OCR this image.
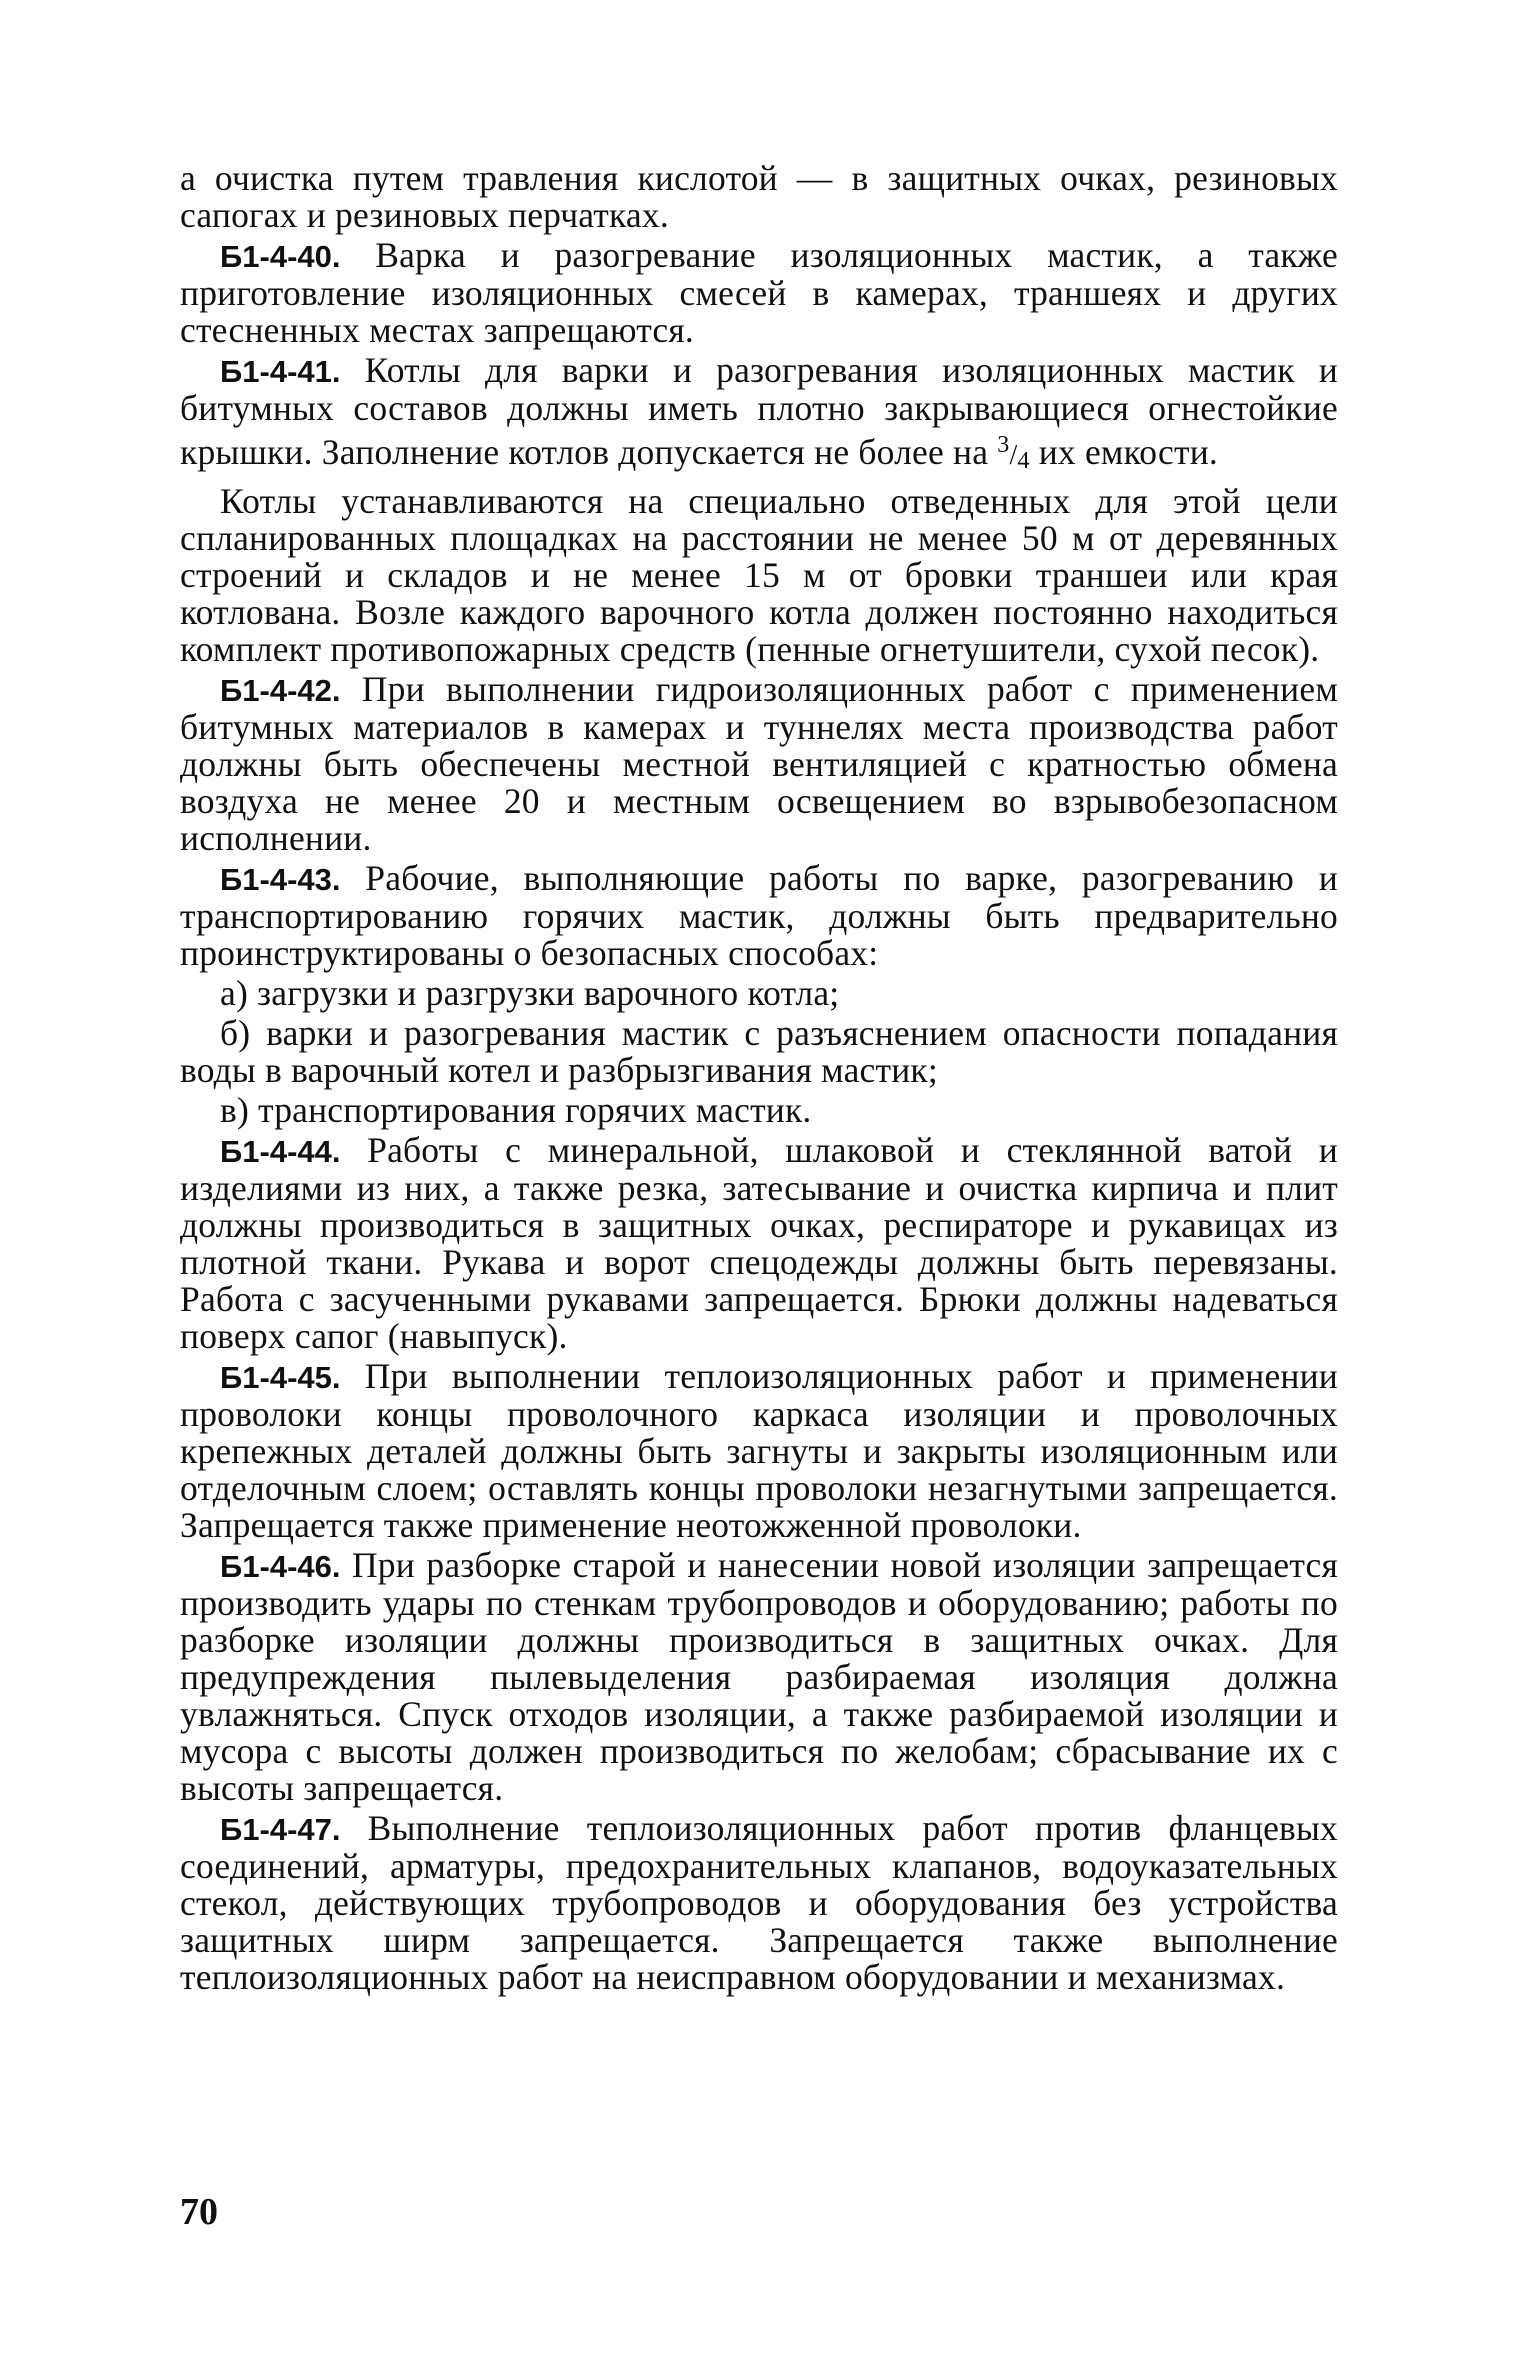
а очистка путем травления кислотой — в защитных очках, резиновых сапогах и резиновых перчатках.

Б1-4-40. Варка и разогревание изоляционных мастик, а также приготовление изоляционных смесей в камерах, траншеях и других стесненных местах запрещаются.

Б1-4-41. Котлы для варки и разогревания изоляционных мастик и битумных составов должны иметь плотно закрывающиеся огнестойкие крышки. Заполнение котлов допускается не более на $^3/_4$ их емкости.

Котлы устанавливаются на специально отведенных для этой цели спланированных площадках на расстоянии не менее 50 м от деревянных строений и складов и не менее 15 м от бровки траншеи или края котлована. Возле каждого варочного котла должен постоянно находиться комплект противопожарных средств (пенные огнетушители, сухой песок).

Б1-4-42. При выполнении гидроизоляционных работ с применением битумных материалов в камерах и туннелях места производства работ должны быть обеспечены местной вентиляцией с кратностью обмена воздуха не менее 20 и местным освещением во взрывобезопасном исполнении.

Б1-4-43. Рабочие, выполняющие работы по варке, разогреванию и транспортированию горячих мастик, должны быть предварительно проинструктированы о безопасных способах:

а) загрузки и разгрузки варочного котла;

б) варки и разогревания мастик с разъяснением опасности попадания воды в варочный котел и разбрызгивания мастик;

в) транспортирования горячих мастик.

Б1-4-44. Работы с минеральной, шлаковой и стеклянной ватой и изделиями из них, а также резка, затесывание и очистка кирпича и плит должны производиться в защитных очках, респираторе и рукавицах из плотной ткани. Рукава и ворот спецодежды должны быть перевязаны. Работа с засученными рукавами запрещается. Брюки должны надеваться поверх сапог (навыпуск).

Б1-4-45. При выполнении теплоизоляционных работ и применении проволоки концы проволочного каркаса изоляции и проволочных крепежных деталей должны быть загнуты и закрыты изоляционным или отделочным слоем; оставлять концы проволоки незагнутыми запрещается. Запрещается также применение неотожженной проволоки.

Б1-4-46. При разборке старой и нанесении новой изоляции запрещается производить удары по стенкам трубопроводов и оборудованию; работы по разборке изоляции должны производиться в защитных очках. Для предупреждения пылевыделения разбираемая изоляция должна увлажняться. Спуск отходов изоляции, а также разбираемой изоляции и мусора с высоты должен производиться по желобам; сбрасывание их с высоты запрещается.

Б1-4-47. Выполнение теплоизоляционных работ против фланцевых соединений, арматуры, предохранительных клапанов, водоуказательных стекол, действующих трубопроводов и оборудования без устройства защитных ширм запрещается. Запрещается также выполнение теплоизоляционных работ на неисправном оборудовании и механизмах.

70
